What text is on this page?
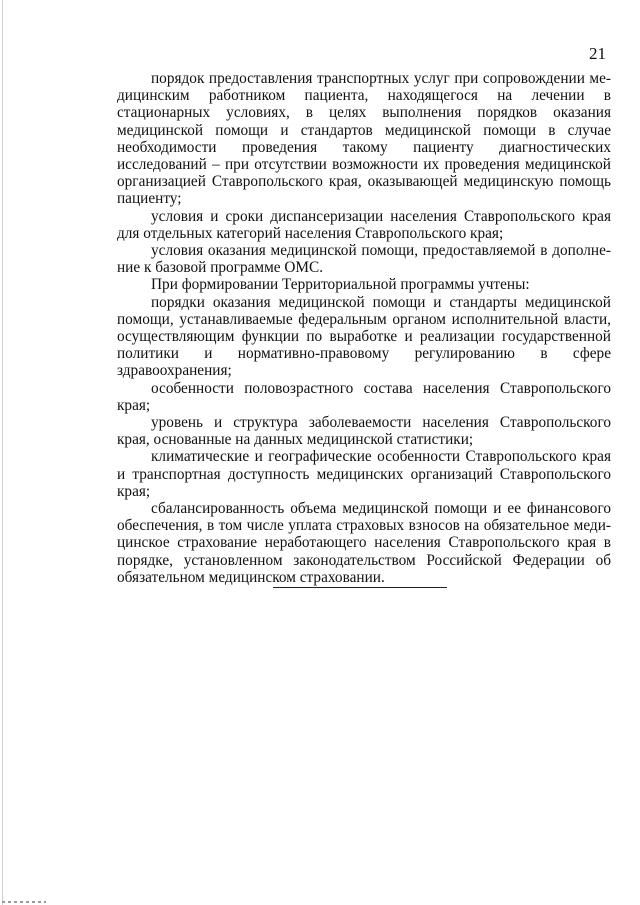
21

порядок предоставления транспортных услуг при сопровождении медицинским работником пациента, находящегося на лечении в стационарных условиях, в целях выполнения порядков оказания медицинской помощи и стандартов медицинской помощи в случае необходимости проведения такому пациенту диагностических исследований – при отсутствии возможности их проведения медицинской организацией Ставропольского края, оказывающей медицинскую помощь пациенту;

условия и сроки диспансеризации населения Ставропольского края для отдельных категорий населения Ставропольского края;

условия оказания медицинской помощи, предоставляемой в дополнение к базовой программе ОМС.

При формировании Территориальной программы учтены:

порядки оказания медицинской помощи и стандарты медицинской помощи, устанавливаемые федеральным органом исполнительной власти, осуществляющим функции по выработке и реализации государственной политики и нормативно-правовому регулированию в сфере здравоохранения;

особенности половозрастного состава населения Ставропольского края;

уровень и структура заболеваемости населения Ставропольского края, основанные на данных медицинской статистики;

климатические и географические особенности Ставропольского края и транспортная доступность медицинских организаций Ставропольского края;

сбалансированность объема медицинской помощи и ее финансового обеспечения, в том числе уплата страховых взносов на обязательное медицинское страхование неработающего населения Ставропольского края в порядке, установленном законодательством Российской Федерации об обязательном медицинском страховании.
